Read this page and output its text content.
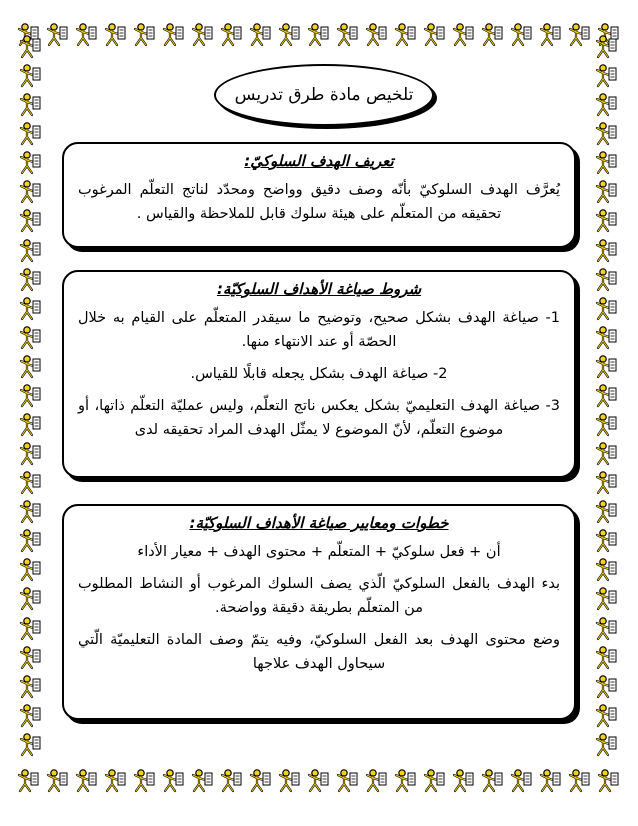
تلخيص مادة طرق تدريس
تعريف الهدف السلوكيّ:

يُعرَّف الهدف السلوكيّ بأنّه وصف دقيق وواضح ومحدّد لناتج التعلّم المرغوب تحقيقه من المتعلّم على هيئة سلوك قابل للملاحظة والقياس .

شروط صياغة الأهداف السلوكيّة:

1- صياغة الهدف بشكل صحيح، وتوضيح ما سيقدر المتعلّم على القيام به خلال الحصّة أو عند الانتهاء منها.

2- صياغة الهدف بشكل يجعله قابلًا للقياس.

3- صياغة الهدف التعليميّ بشكل يعكس ناتج التعلّم، وليس عمليّة التعلّم ذاتها، أو موضوع التعلّم، لأنّ الموضوع لا يمثّل الهدف المراد تحقيقه لدى

خطوات ومعايير صياغة الأهداف السلوكيّة:

أن + فعل سلوكيّ + المتعلّم + محتوى الهدف + معيار الأداء

بدء الهدف بالفعل السلوكيّ الّذي يصف السلوك المرغوب أو النشاط المطلوب من المتعلّم بطريقة دقيقة وواضحة.

وضع محتوى الهدف بعد الفعل السلوكيّ، وفيه يتمّ وصف المادة التعليميّة الّتي سيحاول الهدف علاجها
